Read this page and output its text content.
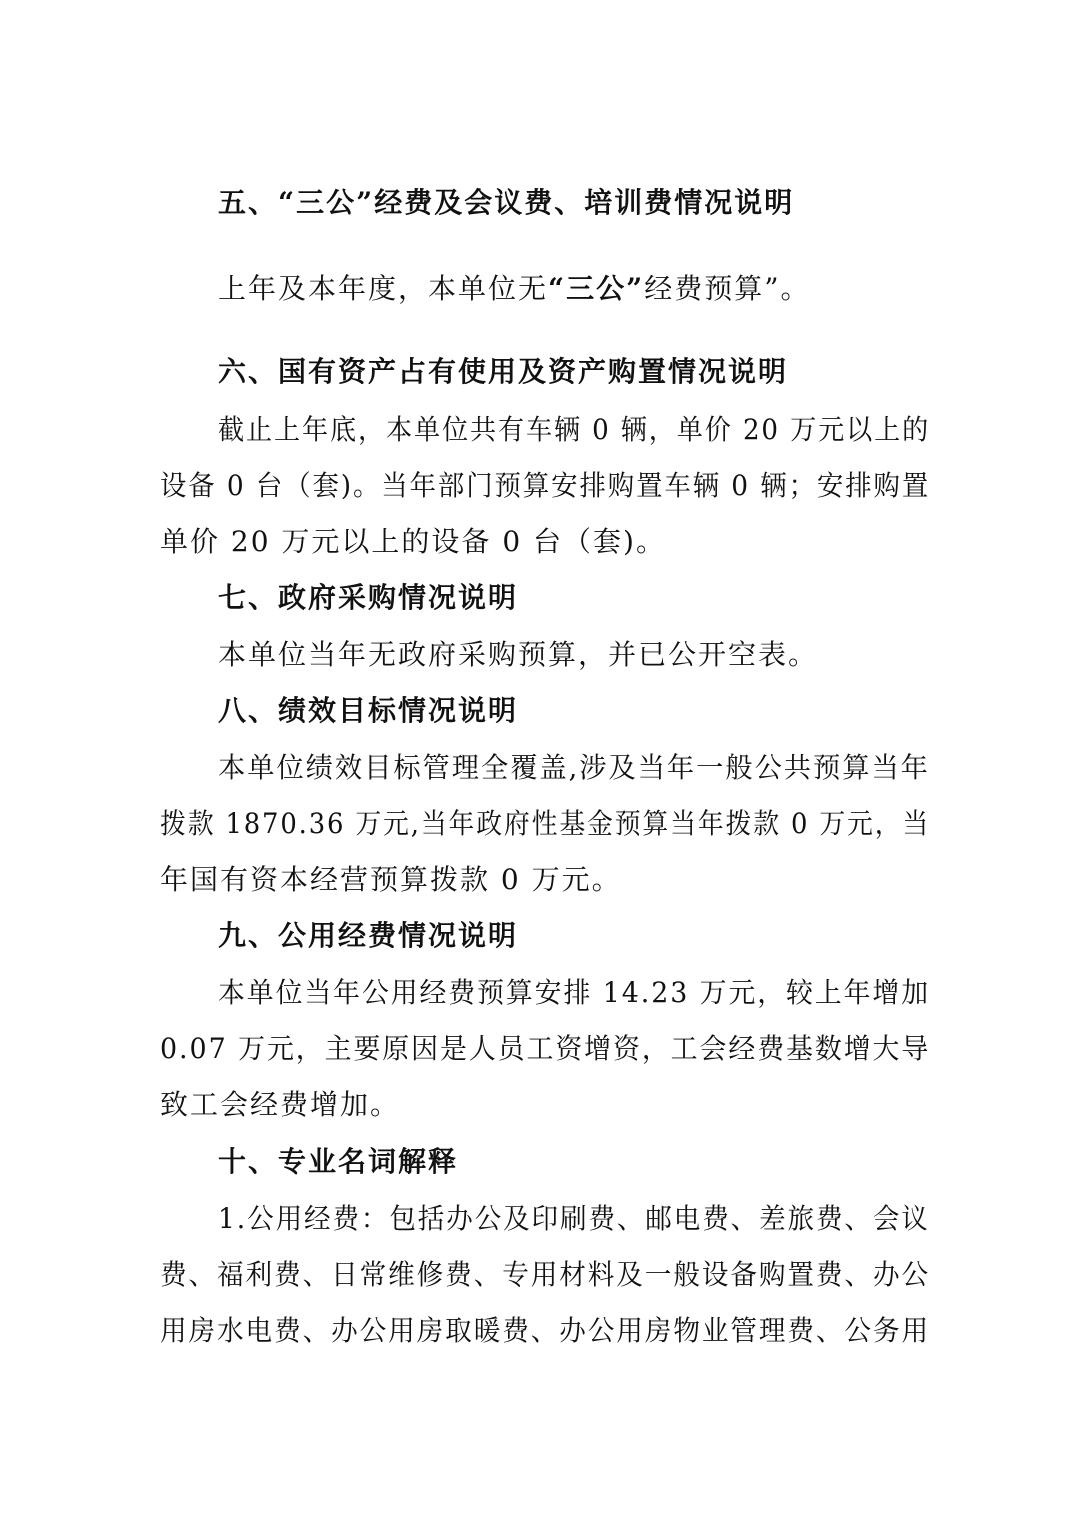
五、“三公”经费及会议费、培训费情况说明
上年及本年度，本单位无“三公”经费预算”。
六、国有资产占有使用及资产购置情况说明
截止上年底，本单位共有车辆 0 辆，单价 20 万元以上的
设备 0 台（套)。当年部门预算安排购置车辆 0 辆；安排购置
单价 20 万元以上的设备 0 台（套)。
七、政府采购情况说明
本单位当年无政府采购预算，并已公开空表。
八、绩效目标情况说明
本单位绩效目标管理全覆盖,涉及当年一般公共预算当年
拨款 1870.36 万元,当年政府性基金预算当年拨款 0 万元，当
年国有资本经营预算拨款 0 万元。
九、公用经费情况说明
本单位当年公用经费预算安排 14.23 万元，较上年增加
0.07 万元，主要原因是人员工资增资，工会经费基数增大导
致工会经费增加。
十、专业名词解释
1.公用经费：包括办公及印刷费、邮电费、差旅费、会议
费、福利费、日常维修费、专用材料及一般设备购置费、办公
用房水电费、办公用房取暖费、办公用房物业管理费、公务用
